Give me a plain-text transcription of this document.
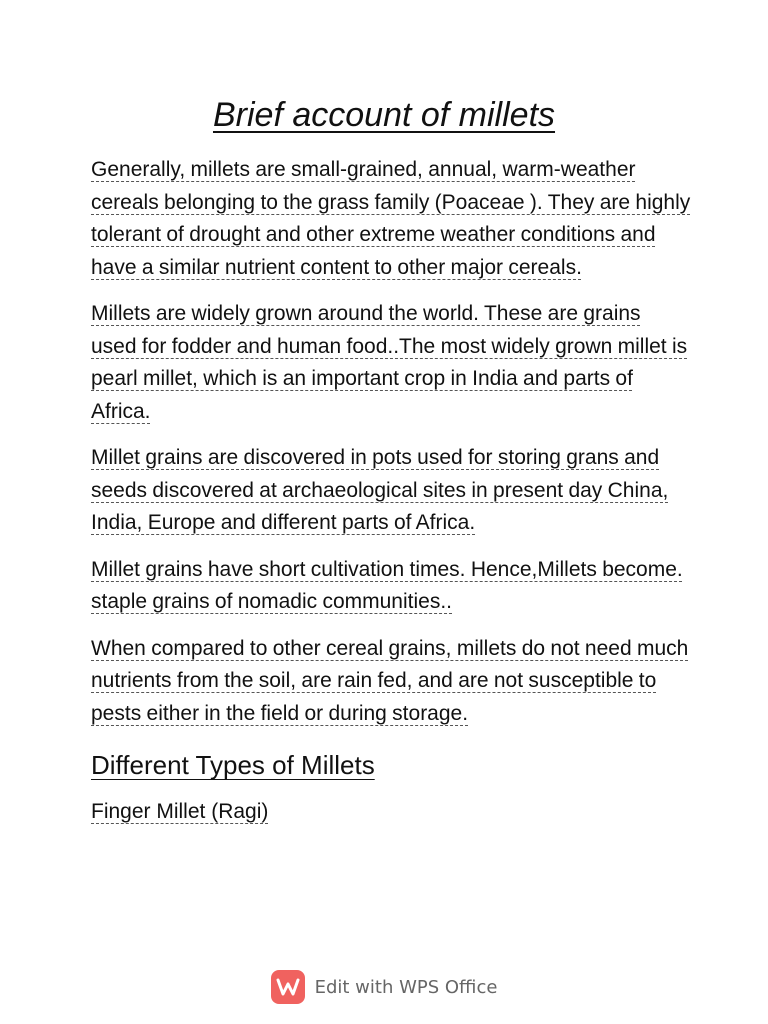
Brief account of millets

Generally, millets are small-grained, annual, warm-weather cereals belonging to the grass family (Poaceae ). They are highly tolerant of drought and other extreme weather conditions and have a similar nutrient content to other major cereals.

Millets are widely grown around the world. These are grains used for fodder and human food..The most widely grown millet is pearl millet, which is an important crop in India and parts of Africa.

Millet grains are discovered in pots used for storing grans and seeds discovered at archaeological sites in present day China, India, Europe and different parts of Africa.

Millet grains have short cultivation times. Hence,Millets become. staple grains of nomadic communities..

When compared to other cereal grains, millets do not need much nutrients from the soil, are rain fed, and are not susceptible to pests either in the field or during storage.

Different Types of Millets

Finger Millet (Ragi)

Edit with WPS Office
